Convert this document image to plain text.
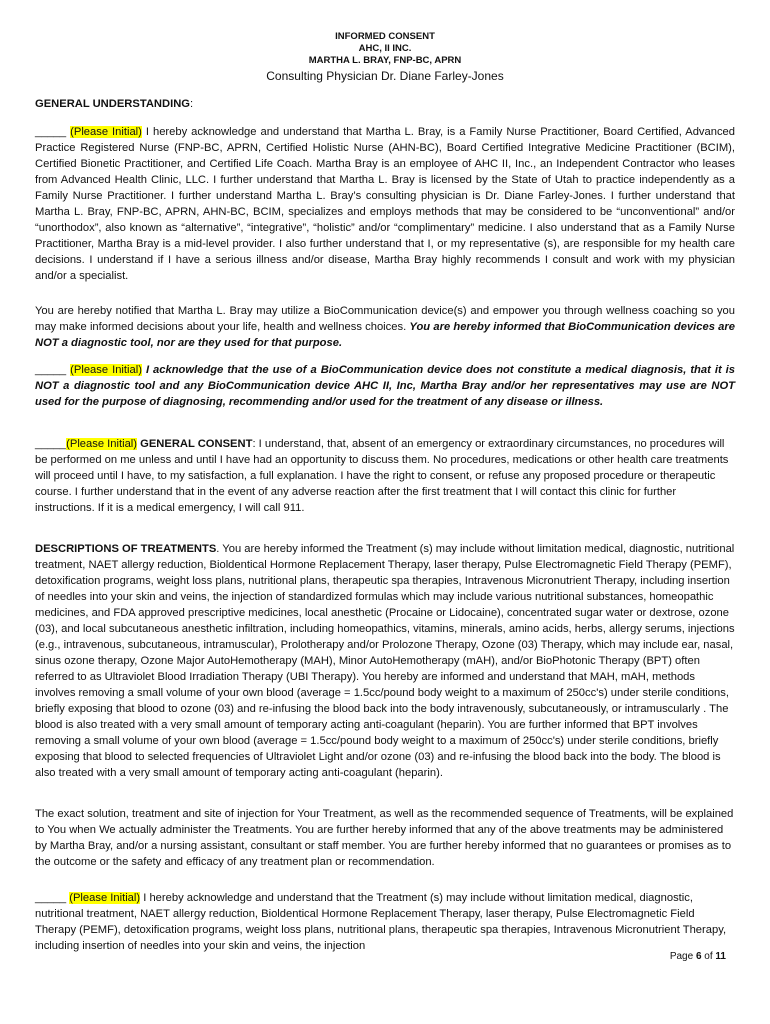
INFORMED CONSENT
AHC, II INC.
MARTHA L. BRAY, FNP-BC, APRN
Consulting Physician Dr. Diane Farley-Jones
GENERAL UNDERSTANDING:
_____ (Please Initial) I hereby acknowledge and understand that Martha L. Bray, is a Family Nurse Practitioner, Board Certified, Advanced Practice Registered Nurse (FNP-BC, APRN, Certified Holistic Nurse (AHN-BC), Board Certified Integrative Medicine Practitioner (BCIM), Certified Bionetic Practitioner, and Certified Life Coach. Martha Bray is an employee of AHC II, Inc., an Independent Contractor who leases from Advanced Health Clinic, LLC. I further understand that Martha L. Bray is licensed by the State of Utah to practice independently as a Family Nurse Practitioner. I further understand Martha L. Bray’s consulting physician is Dr. Diane Farley-Jones. I further understand that Martha L. Bray, FNP-BC, APRN, AHN-BC, BCIM, specializes and employs methods that may be considered to be “unconventional” and/or “unorthodox”, also known as “alternative”, “integrative”, “holistic” and/or “complimentary” medicine. I also understand that as a Family Nurse Practitioner, Martha Bray is a mid-level provider. I also further understand that I, or my representative (s), are responsible for my health care decisions. I understand if I have a serious illness and/or disease, Martha Bray highly recommends I consult and work with my physician and/or a specialist.
You are hereby notified that Martha L. Bray may utilize a BioCommunication device(s) and empower you through wellness coaching so you may make informed decisions about your life, health and wellness choices. You are hereby informed that BioCommunication devices are NOT a diagnostic tool, nor are they used for that purpose.
_____ (Please Initial) I acknowledge that the use of a BioCommunication device does not constitute a medical diagnosis, that it is NOT a diagnostic tool and any BioCommunication device AHC II, Inc, Martha Bray and/or her representatives may use are NOT used for the purpose of diagnosing, recommending and/or used for the treatment of any disease or illness.
_____(Please Initial) GENERAL CONSENT: I understand, that, absent of an emergency or extraordinary circumstances, no procedures will be performed on me unless and until I have had an opportunity to discuss them. No procedures, medications or other health care treatments will proceed until I have, to my satisfaction, a full explanation. I have the right to consent, or refuse any proposed procedure or therapeutic course. I further understand that in the event of any adverse reaction after the first treatment that I will contact this clinic for further instructions. If it is a medical emergency, I will call 911.
DESCRIPTIONS OF TREATMENTS. You are hereby informed the Treatment (s) may include without limitation medical, diagnostic, nutritional treatment, NAET allergy reduction, Bioldentical Hormone Replacement Therapy, laser therapy, Pulse Electromagnetic Field Therapy (PEMF), detoxification programs, weight loss plans, nutritional plans, therapeutic spa therapies, Intravenous Micronutrient Therapy, including insertion of needles into your skin and veins, the injection of standardized formulas which may include various nutritional substances, homeopathic medicines, and FDA approved prescriptive medicines, local anesthetic (Procaine or Lidocaine), concentrated sugar water or dextrose, ozone (03), and local subcutaneous anesthetic infiltration, including homeopathics, vitamins, minerals, amino acids, herbs, allergy serums, injections (e.g., intravenous, subcutaneous, intramuscular), Prolotherapy and/or Prolozone Therapy, Ozone (03) Therapy, which may include ear, nasal, sinus ozone therapy, Ozone Major AutoHemotherapy (MAH), Minor AutoHemotherapy (mAH), and/or BioPhotonic Therapy (BPT) often referred to as Ultraviolet Blood Irradiation Therapy (UBI Therapy). You hereby are informed and understand that MAH, mAH, methods involves removing a small volume of your own blood (average = 1.5cc/pound body weight to a maximum of 250cc's) under sterile conditions, briefly exposing that blood to ozone (03) and re-infusing the blood back into the body intravenously, subcutaneously, or intramuscularly . The blood is also treated with a very small amount of temporary acting anti-coagulant (heparin). You are further informed that BPT involves removing a small volume of your own blood (average = 1.5cc/pound body weight to a maximum of 250cc's) under sterile conditions, briefly exposing that blood to selected frequencies of Ultraviolet Light and/or ozone (03) and re-infusing the blood back into the body. The blood is also treated with a very small amount of temporary acting anti-coagulant (heparin).
The exact solution, treatment and site of injection for Your Treatment, as well as the recommended sequence of Treatments, will be explained to You when We actually administer the Treatments. You are further hereby informed that any of the above treatments may be administered by Martha Bray, and/or a nursing assistant, consultant or staff member. You are further hereby informed that no guarantees or promises as to the outcome or the safety and efficacy of any treatment plan or recommendation.
_____ (Please Initial) I hereby acknowledge and understand that the Treatment (s) may include without limitation medical, diagnostic, nutritional treatment, NAET allergy reduction, Bioldentical Hormone Replacement Therapy, laser therapy, Pulse Electromagnetic Field Therapy (PEMF), detoxification programs, weight loss plans, nutritional plans, therapeutic spa therapies, Intravenous Micronutrient Therapy, including insertion of needles into your skin and veins, the injection
Page 6 of 11
